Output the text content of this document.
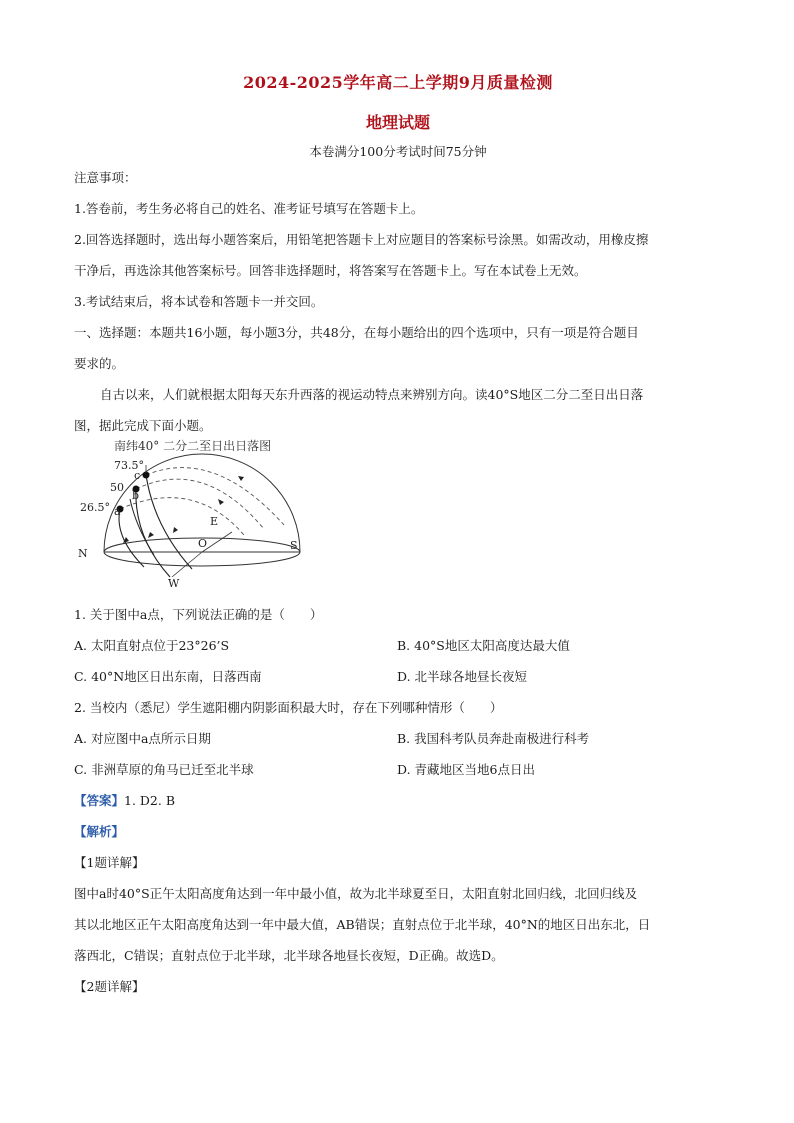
2024-2025学年高二上学期9月质量检测
地理试题
本卷满分100分考试时间75分钟

注意事项：

1.答卷前，考生务必将自己的姓名、准考证号填写在答题卡上。

2.回答选择题时，选出每小题答案后，用铅笔把答题卡上对应题目的答案标号涂黑。如需改动，用橡皮擦

干净后，再选涂其他答案标号。回答非选择题时，将答案写在答题卡上。写在本试卷上无效。

3.考试结束后，将本试卷和答题卡一并交回。

一、选择题：本题共16小题，每小题3分，共48分，在每小题给出的四个选项中，只有一项是符合题目

要求的。

自古以来，人们就根据太阳每天东升西落的视运动特点来辨别方向。读40°S地区二分二至日出日落

图，据此完成下面小题。

南纬40° 二分二至日出日落图
73.5°
c
50
b
26.5° a
E
O
N
S
W

1. 关于图中a点，下列说法正确的是（　　）

A. 太阳直射点位于23°26’S	B. 40°S地区太阳高度达最大值

C. 40°N地区日出东南，日落西南	D. 北半球各地昼长夜短

2. 当校内（悉尼）学生遮阳棚内阴影面积最大时，存在下列哪种情形（　　）

A. 对应图中a点所示日期	B. 我国科考队员奔赴南极进行科考

C. 非洲草原的角马已迁至北半球	D. 青藏地区当地6点日出

【答案】1. D2. B

【解析】

【1题详解】

图中a时40°S正午太阳高度角达到一年中最小值，故为北半球夏至日，太阳直射北回归线，北回归线及

其以北地区正午太阳高度角达到一年中最大值，AB错误；直射点位于北半球，40°N的地区日出东北，日

落西北，C错误；直射点位于北半球，北半球各地昼长夜短，D正确。故选D。

【2题详解】
